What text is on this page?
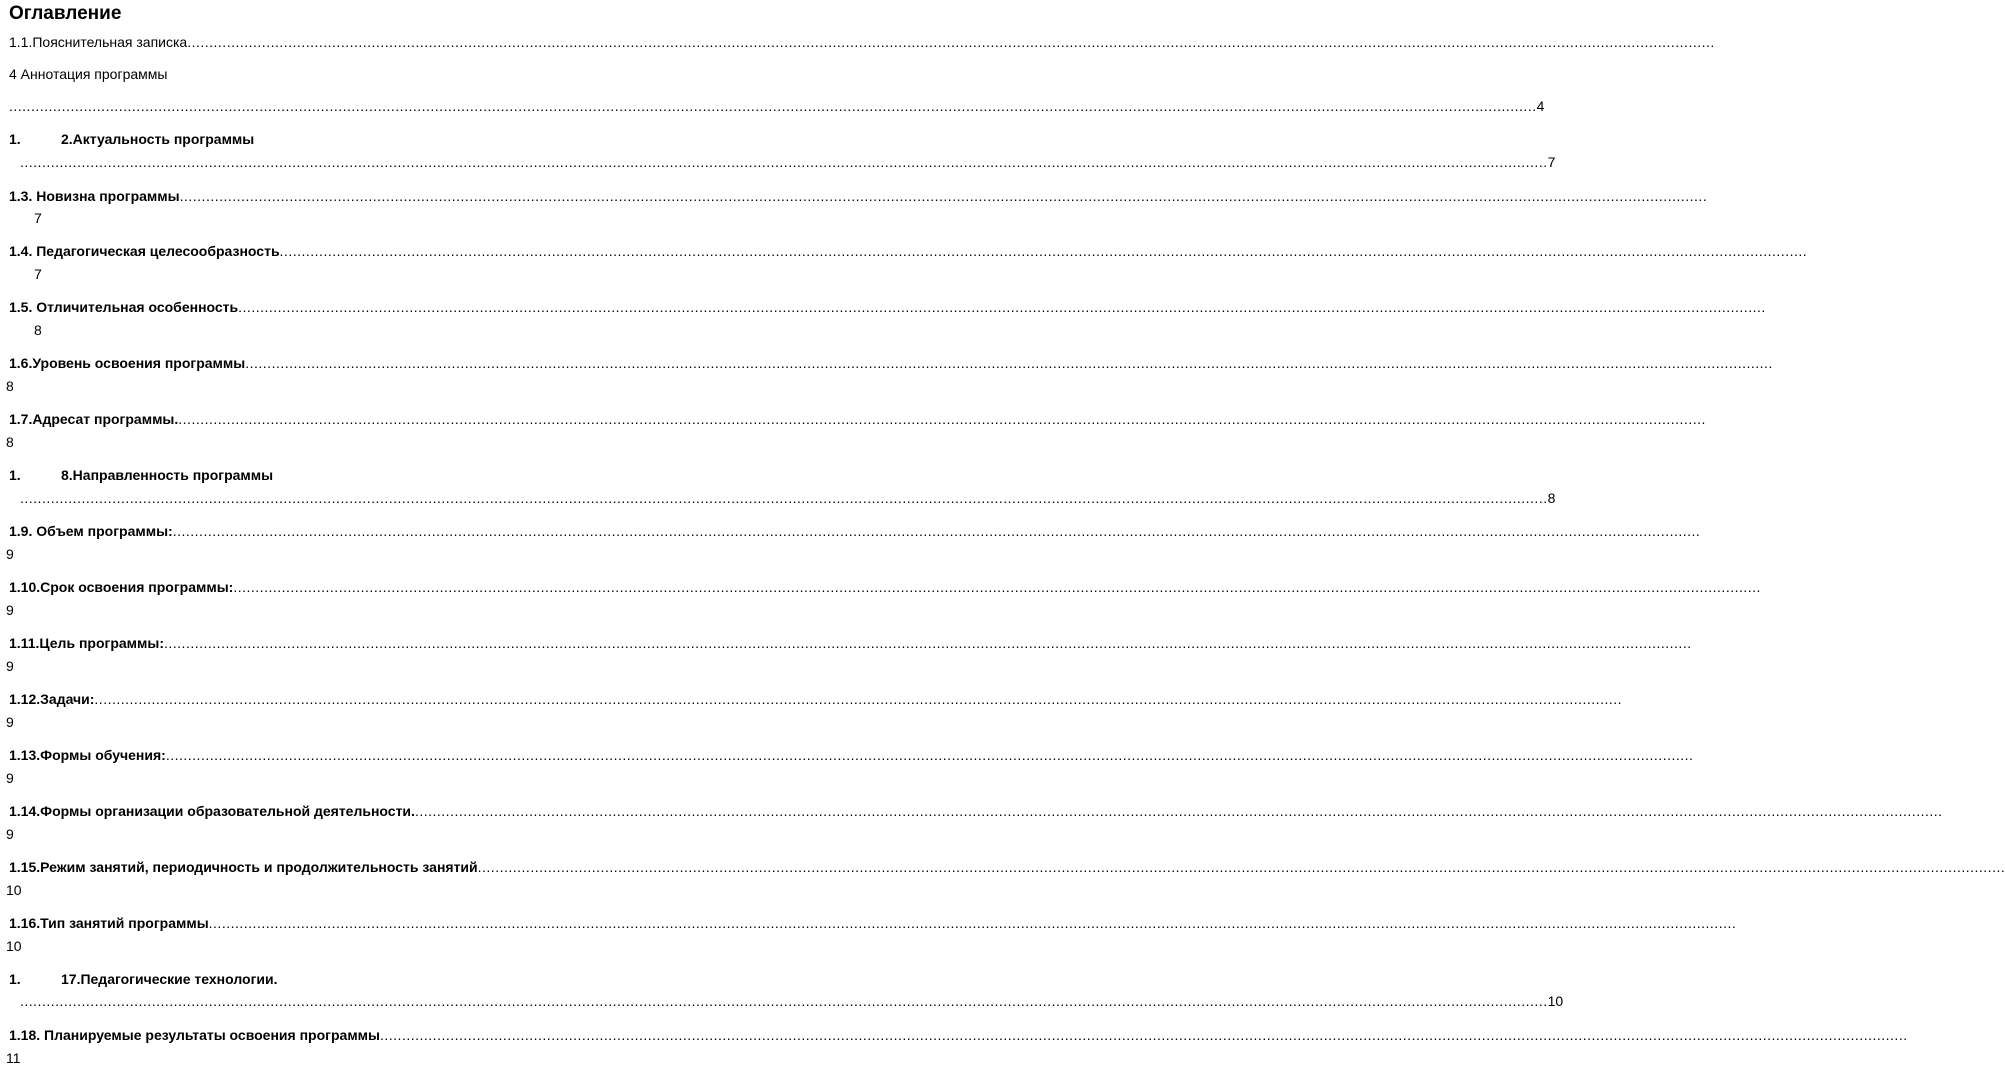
Оглавление
1.1.Пояснительная записка ............................................................................................................................................................................................................................................................................................................................................................
4 Аннотация программы
............................................................................................................................................................................................................................................................................................................................................................ 4
1.	2.Актуальность программы
............................................................................................................................................................................................................................................................................................................................................................ 7
1.3. Новизна программы ............................................................................................................................................................................................................................................................................................................................................................
7
1.4. Педагогическая целесообразность ............................................................................................................................................................................................................................................................................................................................................................
7
1.5. Отличительная особенность ............................................................................................................................................................................................................................................................................................................................................................
8
1.6.Уровень освоения программы ............................................................................................................................................................................................................................................................................................................................................................
8
1.7.Адресат программы. ............................................................................................................................................................................................................................................................................................................................................................
8
1.	8.Направленность программы
............................................................................................................................................................................................................................................................................................................................................................ 8
1.9. Объем программы: ............................................................................................................................................................................................................................................................................................................................................................
9
1.10.Срок освоения программы: ............................................................................................................................................................................................................................................................................................................................................................
9
1.11.Цель программы: ............................................................................................................................................................................................................................................................................................................................................................
9
1.12.Задачи: ............................................................................................................................................................................................................................................................................................................................................................
9
1.13.Формы обучения: ............................................................................................................................................................................................................................................................................................................................................................
9
1.14.Формы организации образовательной деятельности. ............................................................................................................................................................................................................................................................................................................................................................
9
1.15.Режим занятий, периодичность и продолжительность занятий ............................................................................................................................................................................................................................................................................................................................................................
10
1.16.Тип занятий программы ............................................................................................................................................................................................................................................................................................................................................................
10
1.	17.Педагогические технологии.
............................................................................................................................................................................................................................................................................................................................................................ 10
1.18. Планируемые результаты освоения программы ............................................................................................................................................................................................................................................................................................................................................................
11
